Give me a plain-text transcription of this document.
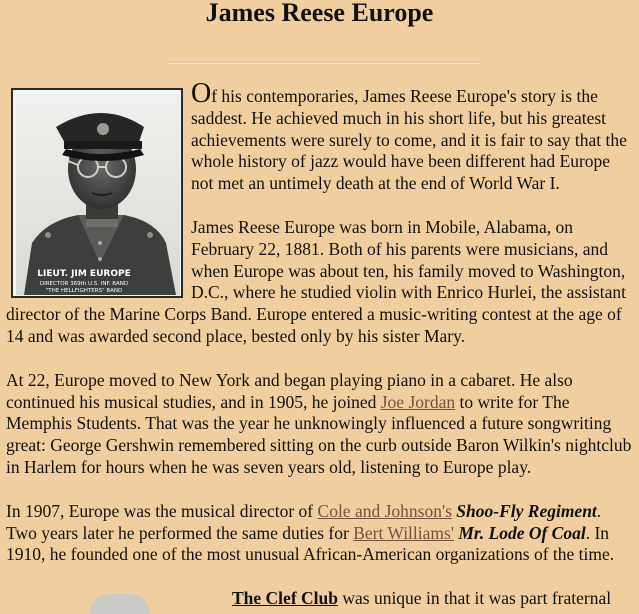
James Reese Europe
LIEUT. JIM EUROPE
DIRECTOR 369th U.S. INF. BAND
"THE HELLFIGHTERS" BAND

Of his contemporaries, James Reese Europe's story is the saddest. He achieved much in his short life, but his greatest achievements were surely to come, and it is fair to say that the whole history of jazz would have been different had Europe not met an untimely death at the end of World War I.

James Reese Europe was born in Mobile, Alabama, on February 22, 1881. Both of his parents were musicians, and when Europe was about ten, his family moved to Washington, D.C., where he studied violin with Enrico Hurlei, the assistant director of the Marine Corps Band. Europe entered a music-writing contest at the age of 14 and was awarded second place, bested only by his sister Mary.

At 22, Europe moved to New York and began playing piano in a cabaret. He also continued his musical studies, and in 1905, he joined Joe Jordan to write for The Memphis Students. That was the year he unknowingly influenced a future songwriting great: George Gershwin remembered sitting on the curb outside Baron Wilkin's nightclub in Harlem for hours when he was seven years old, listening to Europe play.

In 1907, Europe was the musical director of Cole and Johnson's Shoo-Fly Regiment. Two years later he performed the same duties for Bert Williams' Mr. Lode Of Coal. In 1910, he founded one of the most unusual African-American organizations of the time.

The Clef Club was unique in that it was part fraternal
